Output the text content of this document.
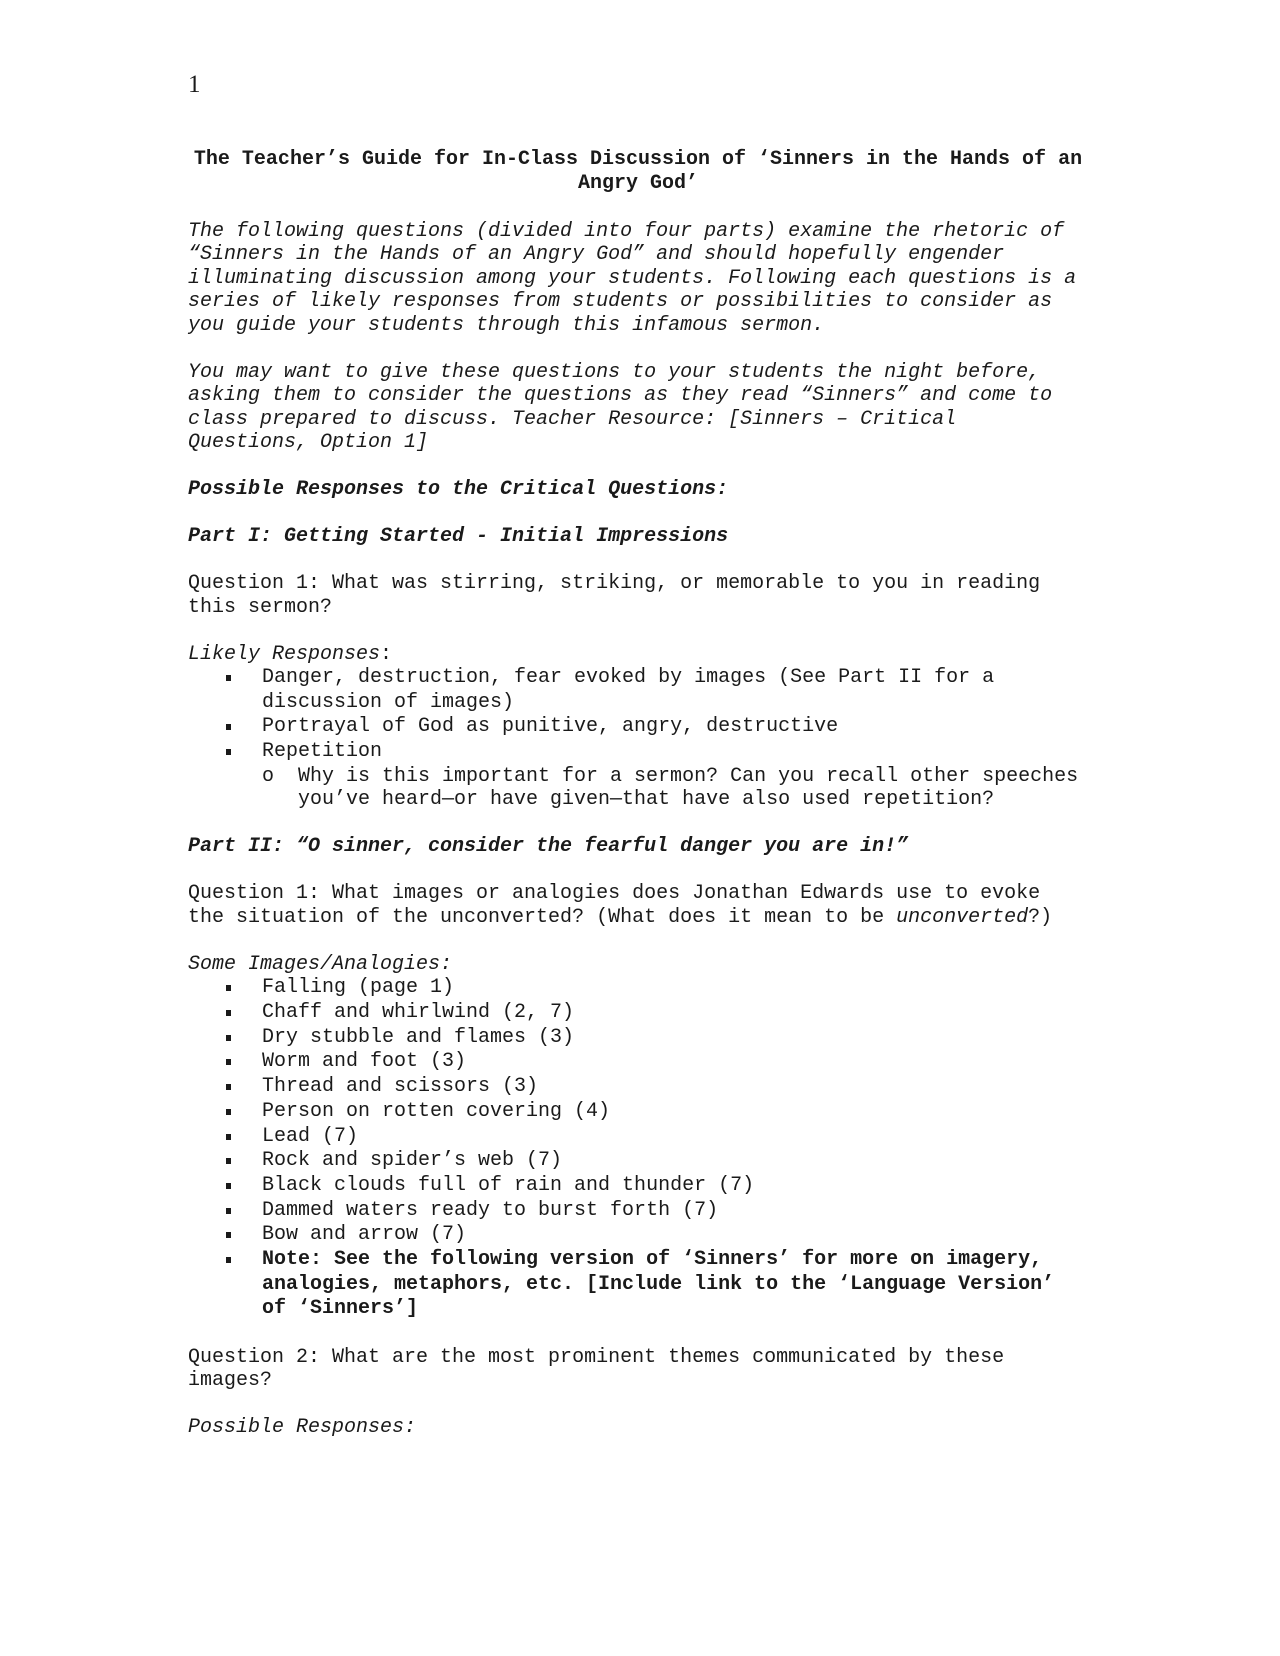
1

The Teacher’s Guide for In-Class Discussion of ‘Sinners in the Hands of an Angry God’

The following questions (divided into four parts) examine the rhetoric of “Sinners in the Hands of an Angry God” and should hopefully engender illuminating discussion among your students. Following each questions is a series of likely responses from students or possibilities to consider as you guide your students through this infamous sermon.

You may want to give these questions to your students the night before, asking them to consider the questions as they read “Sinners” and come to class prepared to discuss. Teacher Resource: [Sinners – Critical Questions, Option 1]

Possible Responses to the Critical Questions:

Part I: Getting Started - Initial Impressions

Question 1: What was stirring, striking, or memorable to you in reading this sermon?

Likely Responses:

Danger, destruction, fear evoked by images (See Part II for a discussion of images)
Portrayal of God as punitive, angry, destructive
Repetition
o Why is this important for a sermon? Can you recall other speeches you’ve heard—or have given—that have also used repetition?

Part II: “O sinner, consider the fearful danger you are in!”

Question 1: What images or analogies does Jonathan Edwards use to evoke the situation of the unconverted? (What does it mean to be unconverted?)

Some Images/Analogies:

Falling (page 1)
Chaff and whirlwind (2, 7)
Dry stubble and flames (3)
Worm and foot (3)
Thread and scissors (3)
Person on rotten covering (4)
Lead (7)
Rock and spider’s web (7)
Black clouds full of rain and thunder (7)
Dammed waters ready to burst forth (7)
Bow and arrow (7)
Note: See the following version of ‘Sinners’ for more on imagery, analogies, metaphors, etc. [Include link to the ‘Language Version’ of ‘Sinners’]

Question 2: What are the most prominent themes communicated by these images?

Possible Responses:
